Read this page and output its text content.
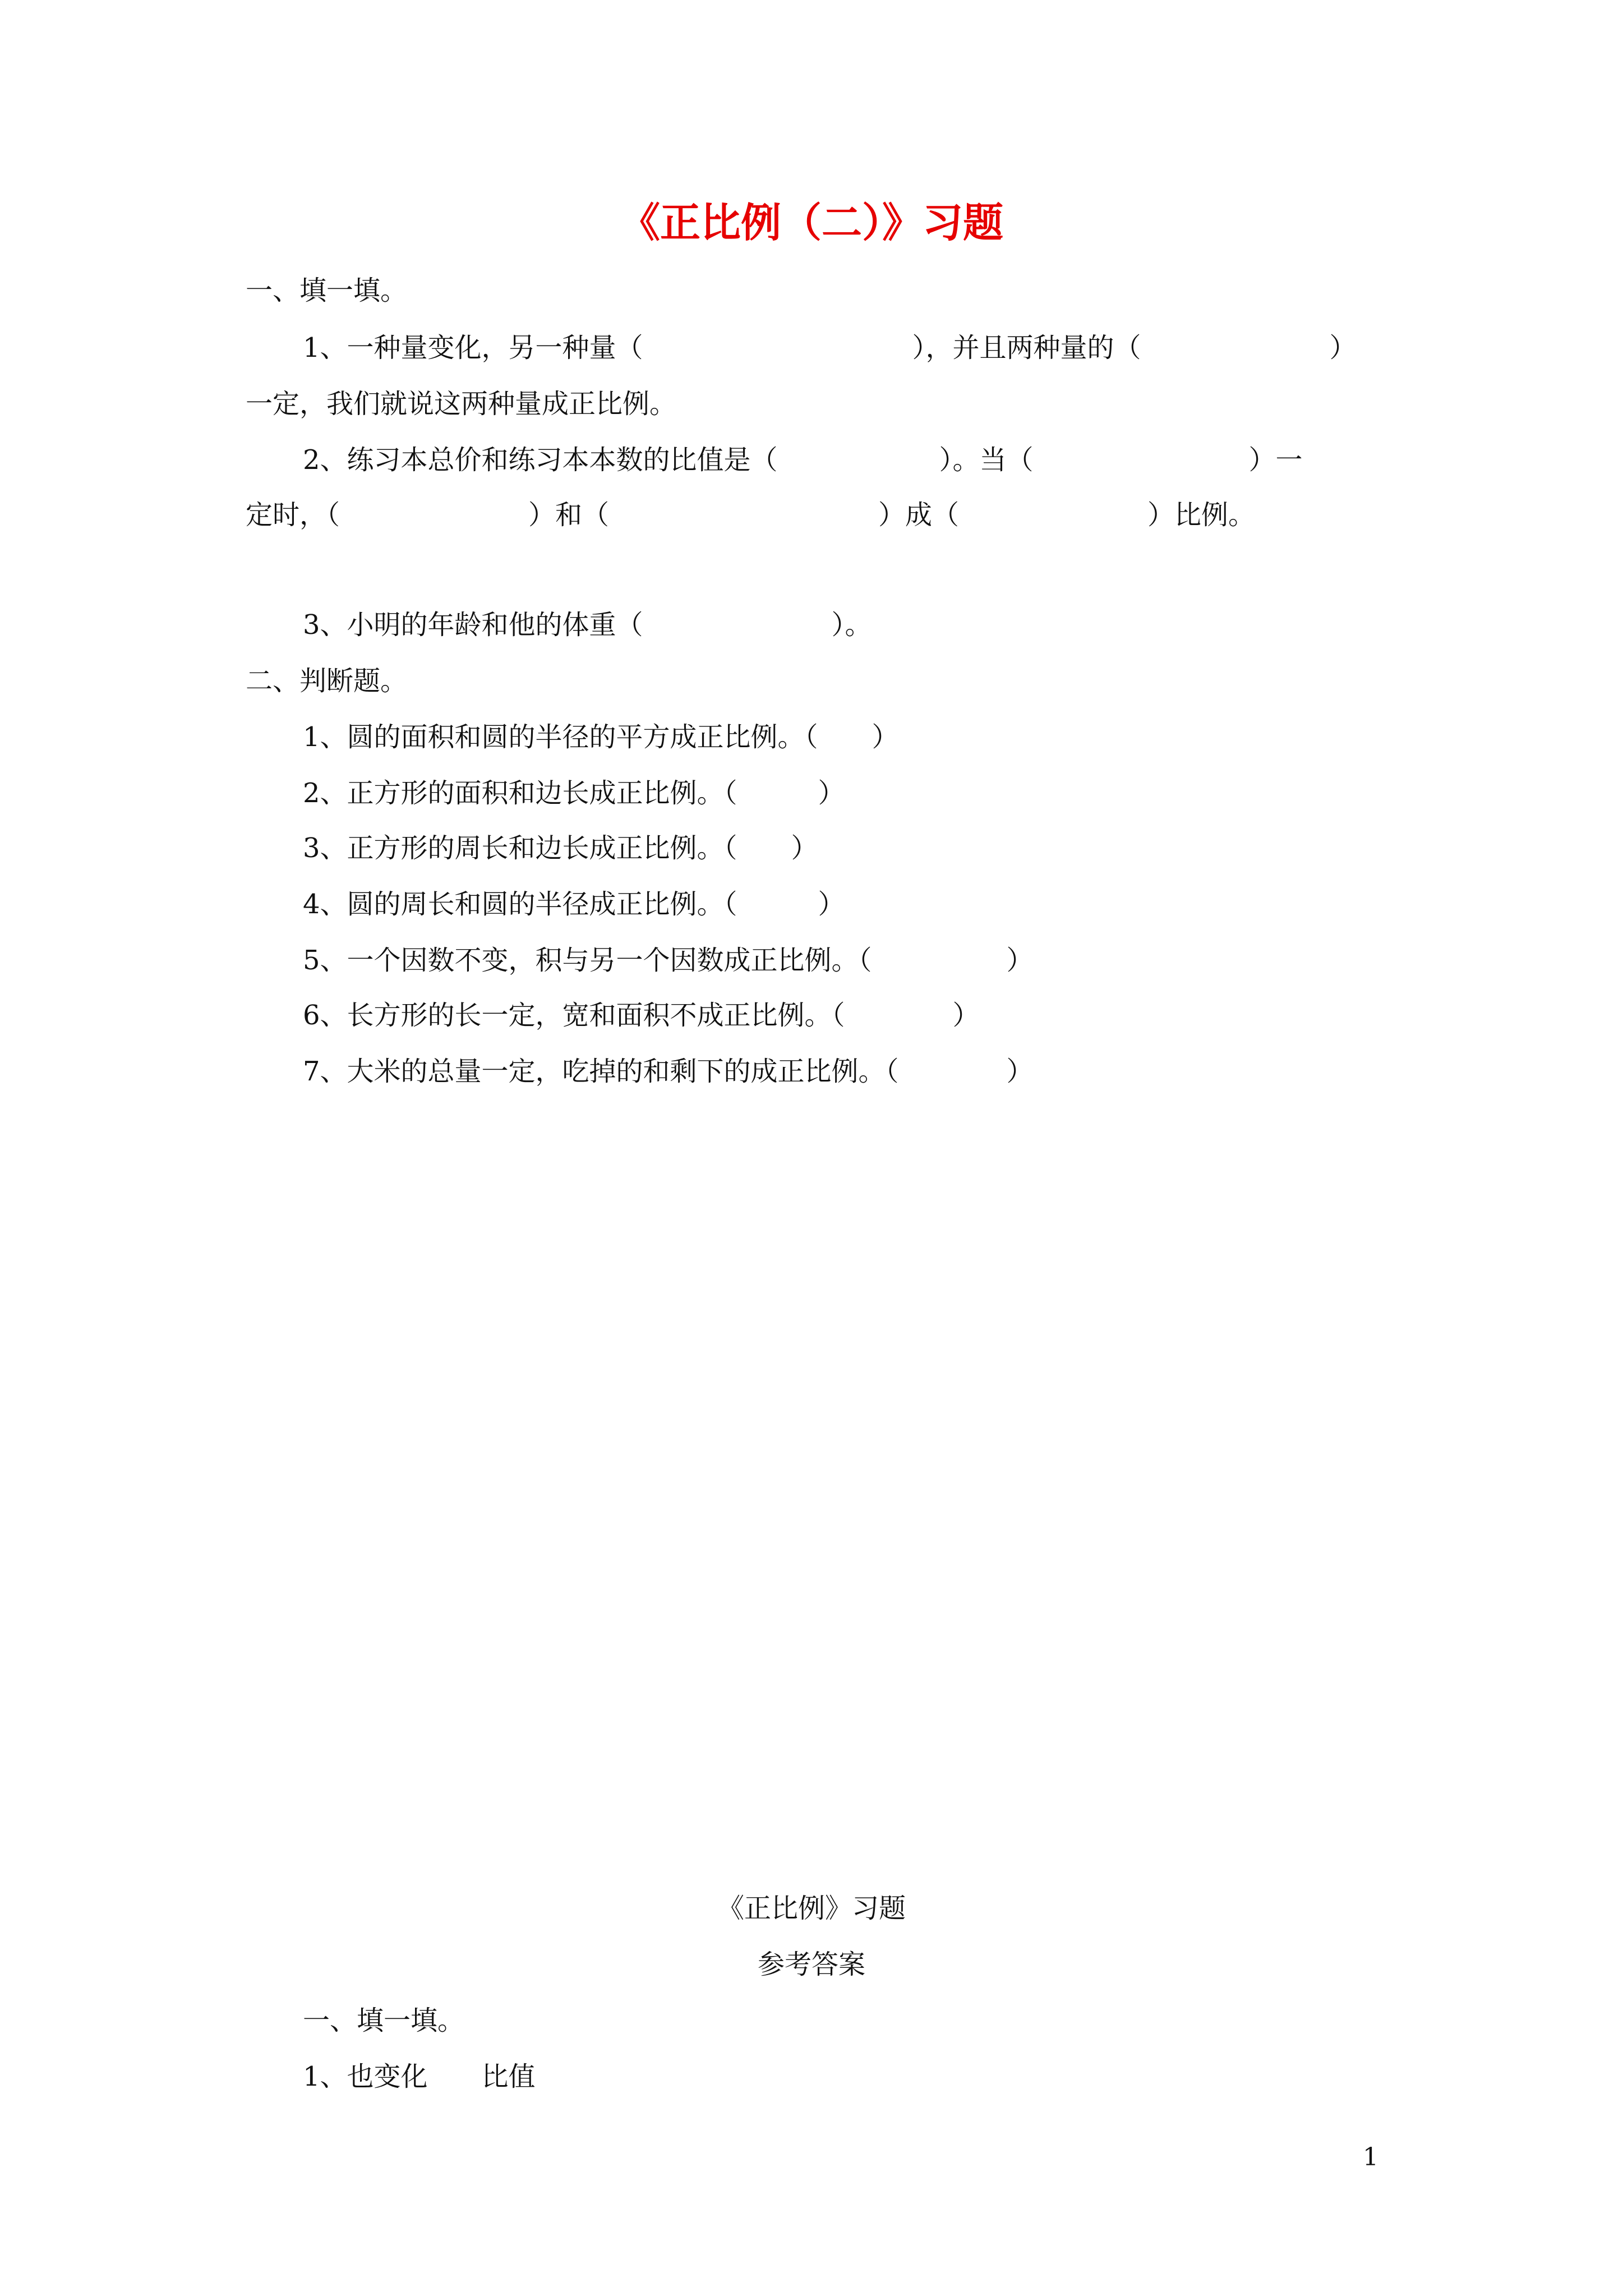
《正比例（二）》习题
一、填一填。
1、一种量变化，另一种量（　　　　　　　　　　），并且两种量的（　　　　　　　）
一定，我们就说这两种量成正比例。
2、练习本总价和练习本本数的比值是（　　　　　　）。当（　　　　　　　　）一
定时，（　　　　　　　）和（　　　　　　　　　　）成（　　　　　　　）比例。
3、小明的年龄和他的体重（　　　　　　　）。
二、判断题。
1、圆的面积和圆的半径的平方成正比例。（　　）
2、正方形的面积和边长成正比例。（　　　）
3、正方形的周长和边长成正比例。（　　）
4、圆的周长和圆的半径成正比例。（　　　）
5、一个因数不变，积与另一个因数成正比例。（　　　　　）
6、长方形的长一定，宽和面积不成正比例。（　　　　）
7、大米的总量一定，吃掉的和剩下的成正比例。（　　　　）
《正比例》习题
参考答案
一、填一填。
1、也变化　　比值
1
